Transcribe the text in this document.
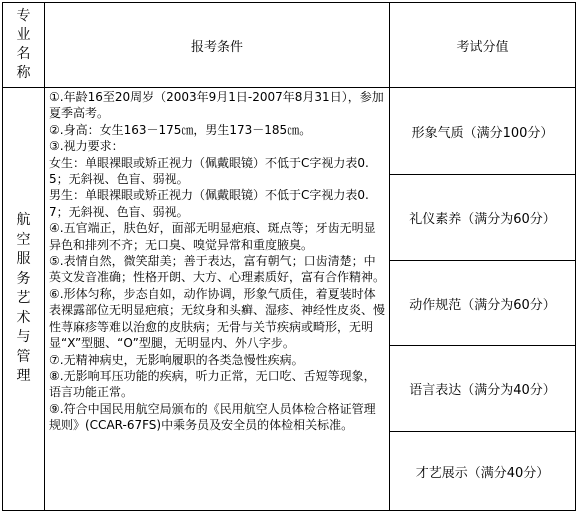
专业名称
报考条件	考试分值
航空服务艺术与管理

①.年龄16至20周岁（2003年9月1日-2007年8月31日），参加夏季高考。

②.身高：女生163－175㎝，男生173－185㎝。

③.视力要求：

女生：单眼裸眼或矫正视力（佩戴眼镜）不低于C字视力表0.5；无斜视、色盲、弱视。

男生：单眼裸眼或矫正视力（佩戴眼镜）不低于C字视力表0.7；无斜视、色盲、弱视。

④.五官端正，肤色好，面部无明显疤痕、斑点等；牙齿无明显异色和排列不齐；无口臭、嗅觉异常和重度腋臭。

⑤.表情自然，微笑甜美；善于表达，富有朝气；口齿清楚；中英文发音准确；性格开朗、大方、心理素质好，富有合作精神。

⑥.形体匀称，步态自如，动作协调，形象气质佳，着夏装时体表裸露部位无明显疤痕；无纹身和头癣、湿疹、神经性皮炎、慢性荨麻疹等难以治愈的皮肤病；无骨与关节疾病或畸形，无明显“X”型腿、“O”型腿，无明显内、外八字步。

⑦.无精神病史，无影响履职的各类急慢性疾病。

⑧.无影响耳压功能的疾病，听力正常，无口吃、舌短等现象，语言功能正常。

⑨.符合中国民用航空局颁布的《民用航空人员体检合格证管理规则》(CCAR-67FS)中乘务员及安全员的体检相关标准。

形象气质（满分100分）
礼仪素养（满分为60分）
动作规范（满分为60分）
语言表达（满分为40分）
才艺展示（满分40分）
